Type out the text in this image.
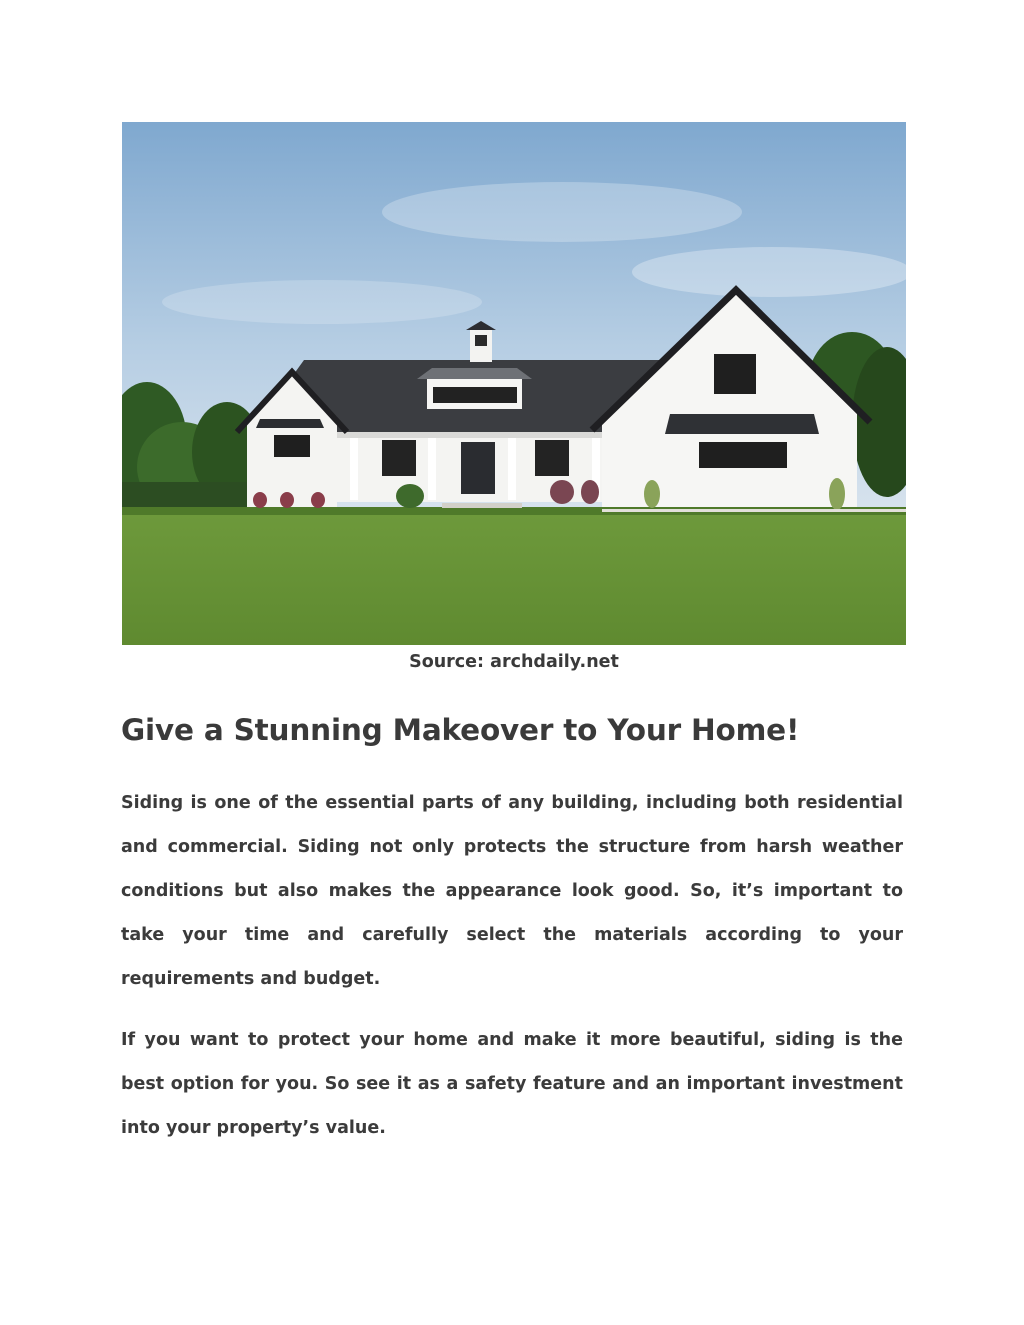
Source: archdaily.net
Give a Stunning Makeover to Your Home!

Siding is one of the essential parts of any building, including both residential and commercial. Siding not only protects the structure from harsh weather conditions but also makes the appearance look good. So, it’s important to take your time and carefully select the materials according to your requirements and budget.

If you want to protect your home and make it more beautiful, siding is the best option for you. So see it as a safety feature and an important investment into your property’s value.
